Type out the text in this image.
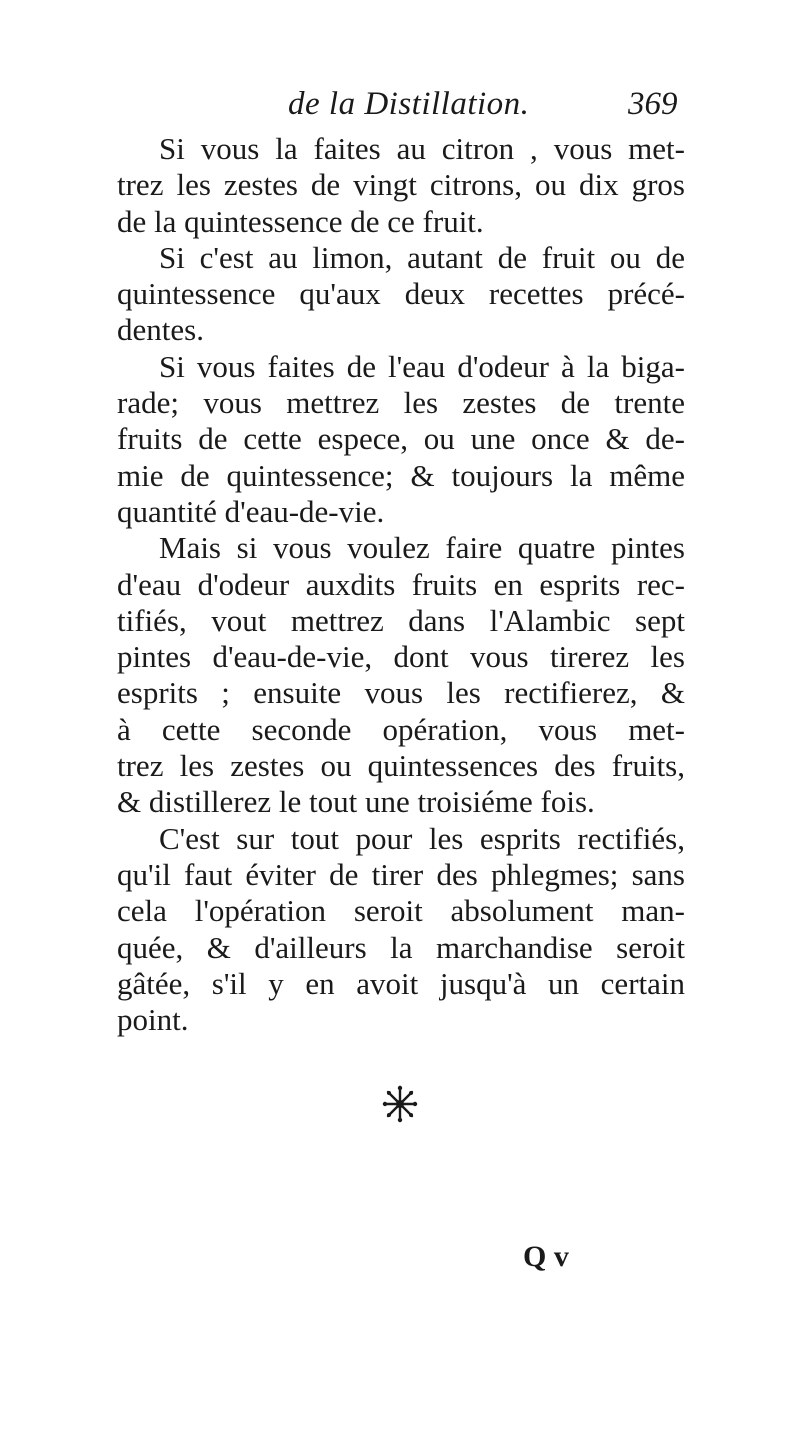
de la Distillation.	369
Si vous la faites au citron , vous met-
trez les zestes de vingt citrons, ou dix gros
de la quintessence de ce fruit.
Si c'est au limon, autant de fruit ou de
quintessence qu'aux deux recettes précé-
dentes.
Si vous faites de l'eau d'odeur à la biga-
rade; vous mettrez les zestes de trente
fruits de cette espece, ou une once & de-
mie de quintessence; & toujours la même
quantité d'eau-de-vie.
Mais si vous voulez faire quatre pintes
d'eau d'odeur auxdits fruits en esprits rec-
tifiés, vout mettrez dans l'Alambic sept
pintes d'eau-de-vie, dont vous tirerez les
esprits ; ensuite vous les rectifierez, &
à cette seconde opération, vous met-
trez les zestes ou quintessences des fruits,
& distillerez le tout une troisiéme fois.
C'est sur tout pour les esprits rectifiés,
qu'il faut éviter de tirer des phlegmes; sans
cela l'opération seroit absolument man-
quée, & d'ailleurs la marchandise seroit
gâtée, s'il y en avoit jusqu'à un certain
point.
Q v
